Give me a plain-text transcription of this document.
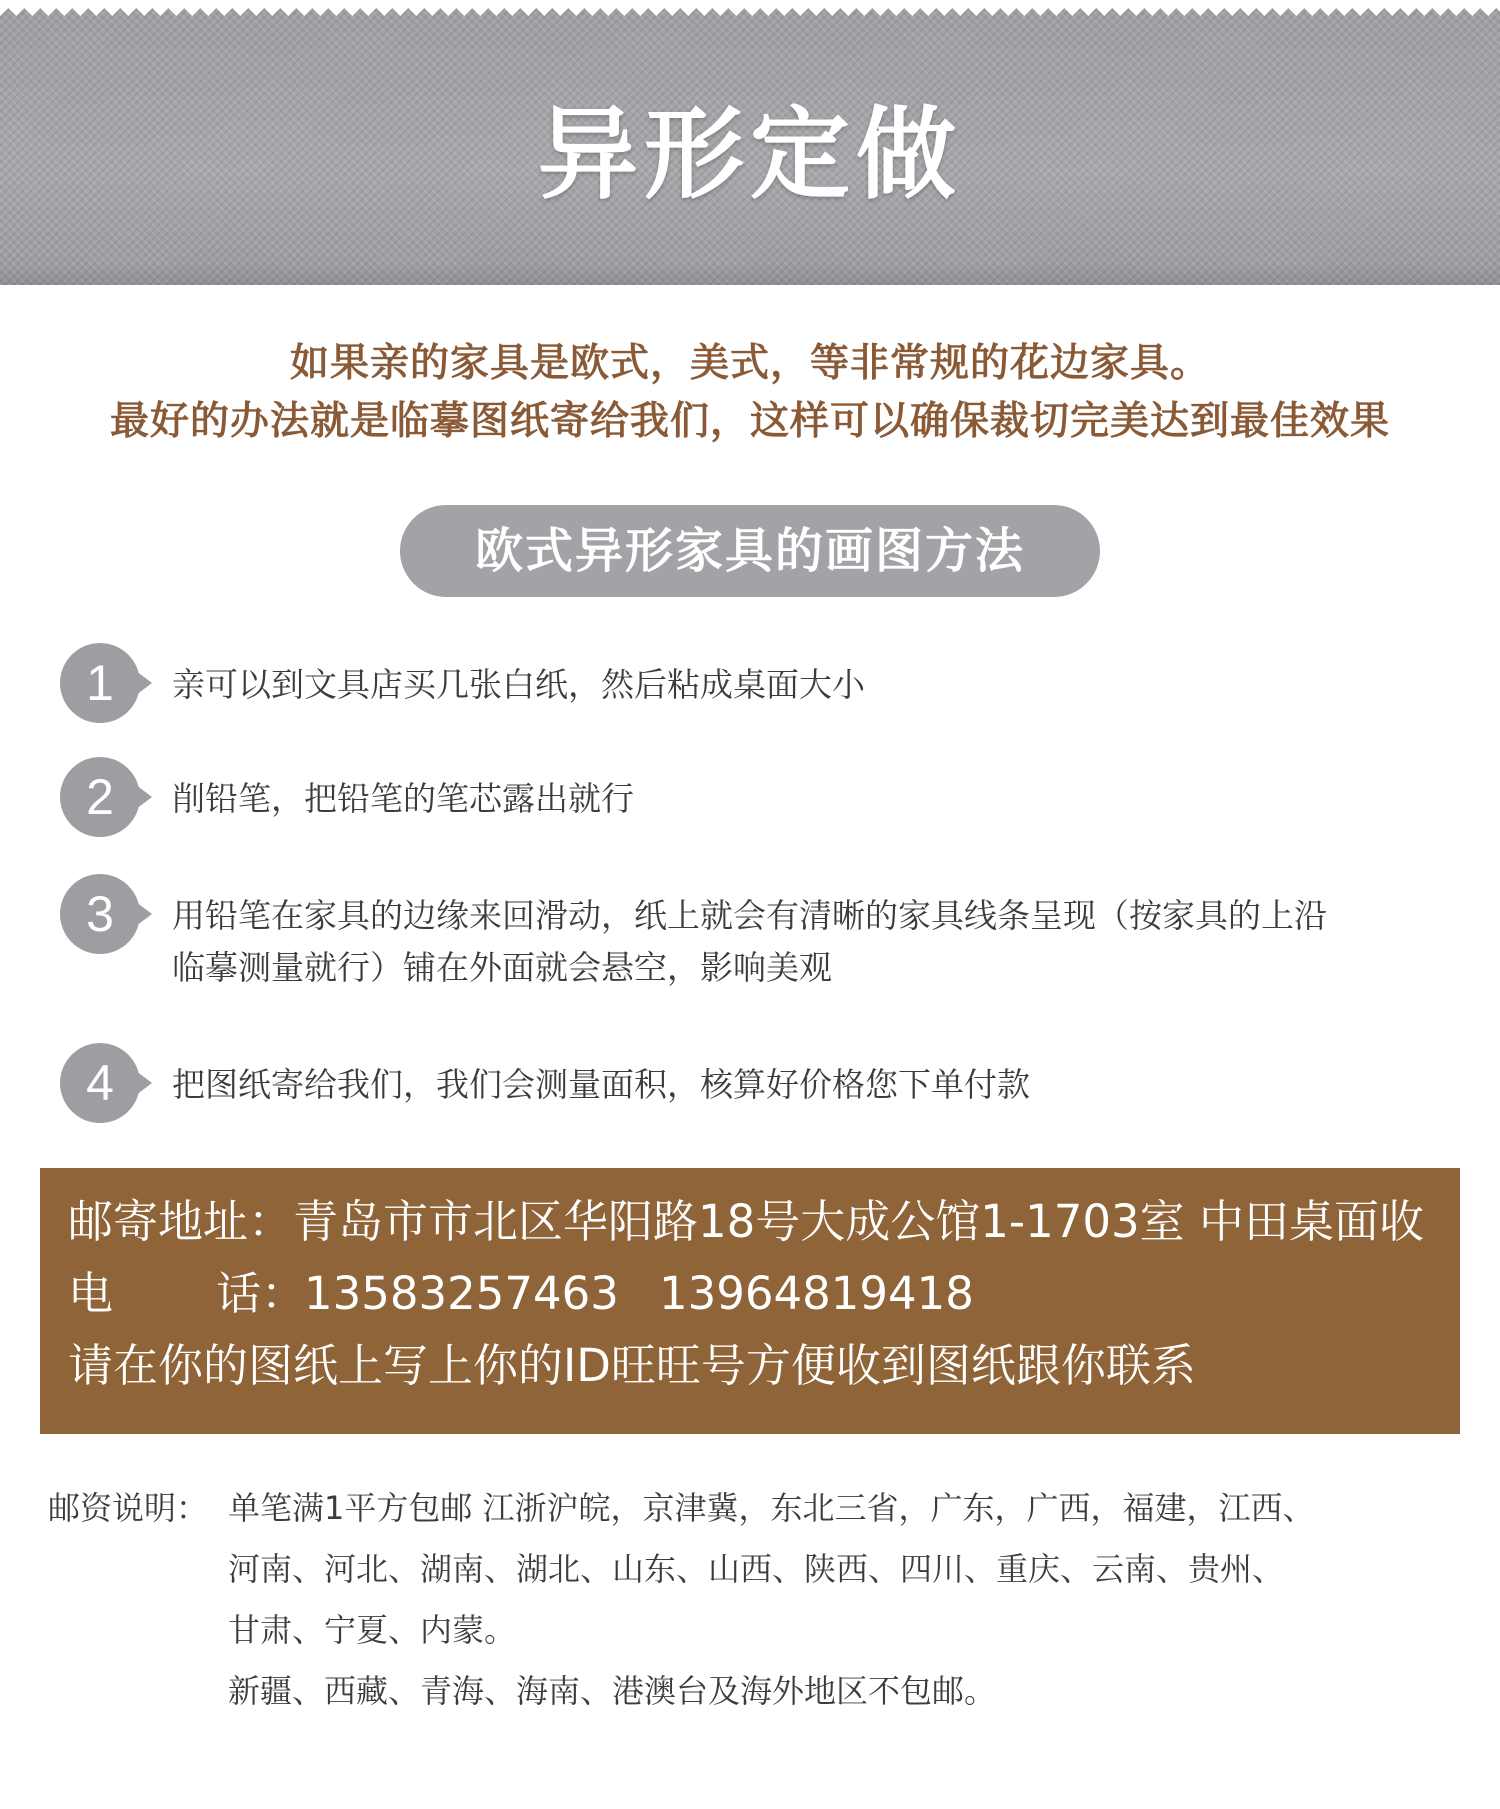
异形定做
如果亲的家具是欧式，美式，等非常规的花边家具。
最好的办法就是临摹图纸寄给我们，这样可以确保裁切完美达到最佳效果
欧式异形家具的画图方法
1	亲可以到文具店买几张白纸，然后粘成桌面大小
2	削铅笔，把铅笔的笔芯露出就行
3	用铅笔在家具的边缘来回滑动，纸上就会有清晰的家具线条呈现（按家具的上沿
临摹测量就行）铺在外面就会悬空，影响美观
4	把图纸寄给我们，我们会测量面积，核算好价格您下单付款
邮寄地址：青岛市市北区华阳路18号大成公馆1-1703室 中田桌面收
电 话：13583257463 13964819418
请在你的图纸上写上你的ID旺旺号方便收到图纸跟你联系
邮资说明： 单笔满1平方包邮 江浙沪皖，京津冀，东北三省，广东，广西，福建，江西、
河南、河北、湖南、湖北、山东、山西、陕西、四川、重庆、云南、贵州、
甘肃、宁夏、内蒙。
新疆、西藏、青海、海南、港澳台及海外地区不包邮。
